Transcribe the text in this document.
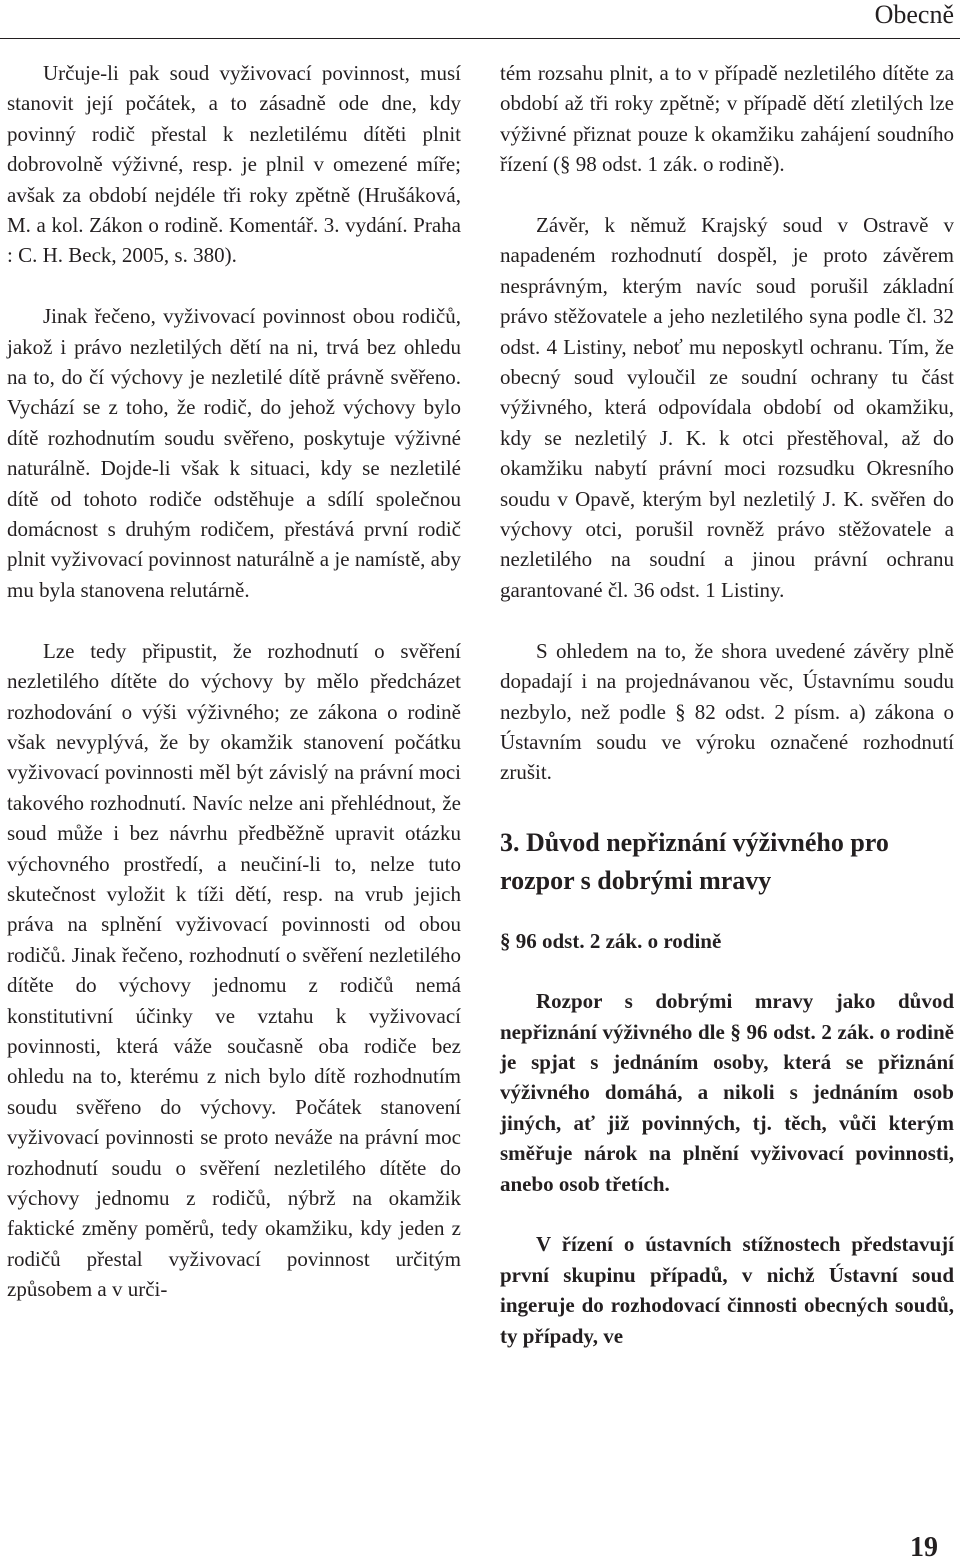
Obecně

Určuje-li pak soud vyživovací povinnost, musí stanovit její počátek, a to zásadně ode dne, kdy povinný rodič přestal k nezletilému dítěti plnit dobrovolně výživné, resp. je plnil v omezené míře; avšak za období nejdéle tři roky zpětně (Hrušáková, M. a kol. Zákon o rodině. Komentář. 3. vydání. Praha : C. H. Beck, 2005, s. 380).

Jinak řečeno, vyživovací povinnost obou rodičů, jakož i právo nezletilých dětí na ni, trvá bez ohledu na to, do čí výchovy je nezletilé dítě právně svěřeno. Vychází se z toho, že rodič, do jehož výchovy bylo dítě rozhodnutím soudu svěřeno, poskytuje výživné naturálně. Dojde-li však k situaci, kdy se nezletilé dítě od tohoto rodiče odstěhuje a sdílí společnou domácnost s druhým rodičem, přestává první rodič plnit vyživovací povinnost naturálně a je namístě, aby mu byla stanovena relutárně.

Lze tedy připustit, že rozhodnutí o svěření nezletilého dítěte do výchovy by mělo předcházet rozhodování o výši výživného; ze zákona o rodině však nevyplývá, že by okamžik stanovení počátku vyživovací povinnosti měl být závislý na právní moci takového rozhodnutí. Navíc nelze ani přehlédnout, že soud může i bez návrhu předběžně upravit otázku výchovného prostředí, a neučiní-li to, nelze tuto skutečnost vyložit k tíži dětí, resp. na vrub jejich práva na splnění vyživovací povinnosti od obou rodičů. Jinak řečeno, rozhodnutí o svěření nezletilého dítěte do výchovy jednomu z rodičů nemá konstitutivní účinky ve vztahu k vyživovací povinnosti, která váže současně oba rodiče bez ohledu na to, kterému z nich bylo dítě rozhodnutím soudu svěřeno do výchovy. Počátek stanovení vyživovací povinnosti se proto neváže na právní moc rozhodnutí soudu o svěření nezletilého dítěte do výchovy jednomu z rodičů, nýbrž na okamžik faktické změny poměrů, tedy okamžiku, kdy jeden z rodičů přestal vyživovací povinnost určitým způsobem a v urči-

tém rozsahu plnit, a to v případě nezletilého dítěte za období až tři roky zpětně; v případě dětí zletilých lze výživné přiznat pouze k okamžiku zahájení soudního řízení (§ 98 odst. 1 zák. o rodině).

Závěr, k němuž Krajský soud v Ostravě v napadeném rozhodnutí dospěl, je proto závěrem nesprávným, kterým navíc soud porušil základní právo stěžovatele a jeho nezletilého syna podle čl. 32 odst. 4 Listiny, neboť mu neposkytl ochranu. Tím, že obecný soud vyloučil ze soudní ochrany tu část výživného, která odpovídala období od okamžiku, kdy se nezletilý J. K. k otci přestěhoval, až do okamžiku nabytí právní moci rozsudku Okresního soudu v Opavě, kterým byl nezletilý J. K. svěřen do výchovy otci, porušil rovněž právo stěžovatele a nezletilého na soudní a jinou právní ochranu garantované čl. 36 odst. 1 Listiny.

S ohledem na to, že shora uvedené závěry plně dopadají i na projednávanou věc, Ústavnímu soudu nezbylo, než podle § 82 odst. 2 písm. a) zákona o Ústavním soudu ve výroku označené rozhodnutí zrušit.

3. Důvod nepřiznání výživného pro rozpor s dobrými mravy
§ 96 odst. 2 zák. o rodině

Rozpor s dobrými mravy jako důvod nepřiznání výživného dle § 96 odst. 2 zák. o rodině je spjat s jednáním osoby, která se přiznání výživného domáhá, a nikoli s jednáním osob jiných, ať již povinných, tj. těch, vůči kterým směřuje nárok na plnění vyživovací povinnosti, anebo osob třetích.

V řízení o ústavních stížnostech představují první skupinu případů, v nichž Ústavní soud ingeruje do rozhodovací činnosti obecných soudů, ty případy, ve

19
